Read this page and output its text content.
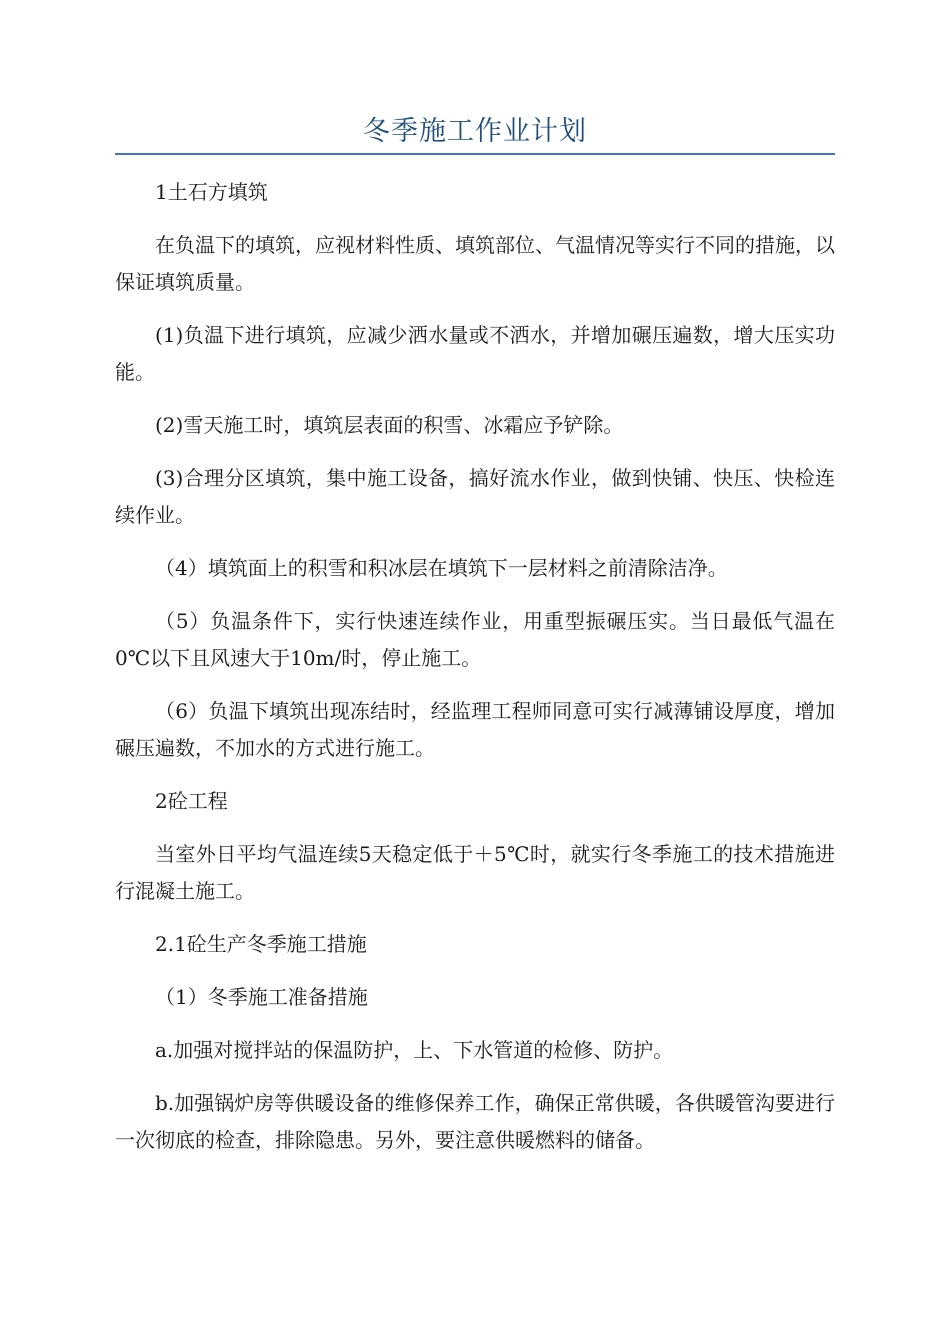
冬季施工作业计划

1土石方填筑

在负温下的填筑，应视材料性质、填筑部位、气温情况等实行不同的措施，以保证填筑质量。

(1)负温下进行填筑，应减少洒水量或不洒水，并增加碾压遍数，增大压实功能。

(2)雪天施工时，填筑层表面的积雪、冰霜应予铲除。

(3)合理分区填筑，集中施工设备，搞好流水作业，做到快铺、快压、快检连续作业。

（4）填筑面上的积雪和积冰层在填筑下一层材料之前清除洁净。

（5）负温条件下，实行快速连续作业，用重型振碾压实。当日最低气温在0℃以下且风速大于10m/时，停止施工。

（6）负温下填筑出现冻结时，经监理工程师同意可实行减薄铺设厚度，增加碾压遍数，不加水的方式进行施工。

2砼工程

当室外日平均气温连续5天稳定低于＋5℃时，就实行冬季施工的技术措施进行混凝土施工。

2.1砼生产冬季施工措施

（1）冬季施工准备措施

a.加强对搅拌站的保温防护，上、下水管道的检修、防护。

b.加强锅炉房等供暖设备的维修保养工作，确保正常供暖，各供暖管沟要进行一次彻底的检查，排除隐患。另外，要注意供暖燃料的储备。
